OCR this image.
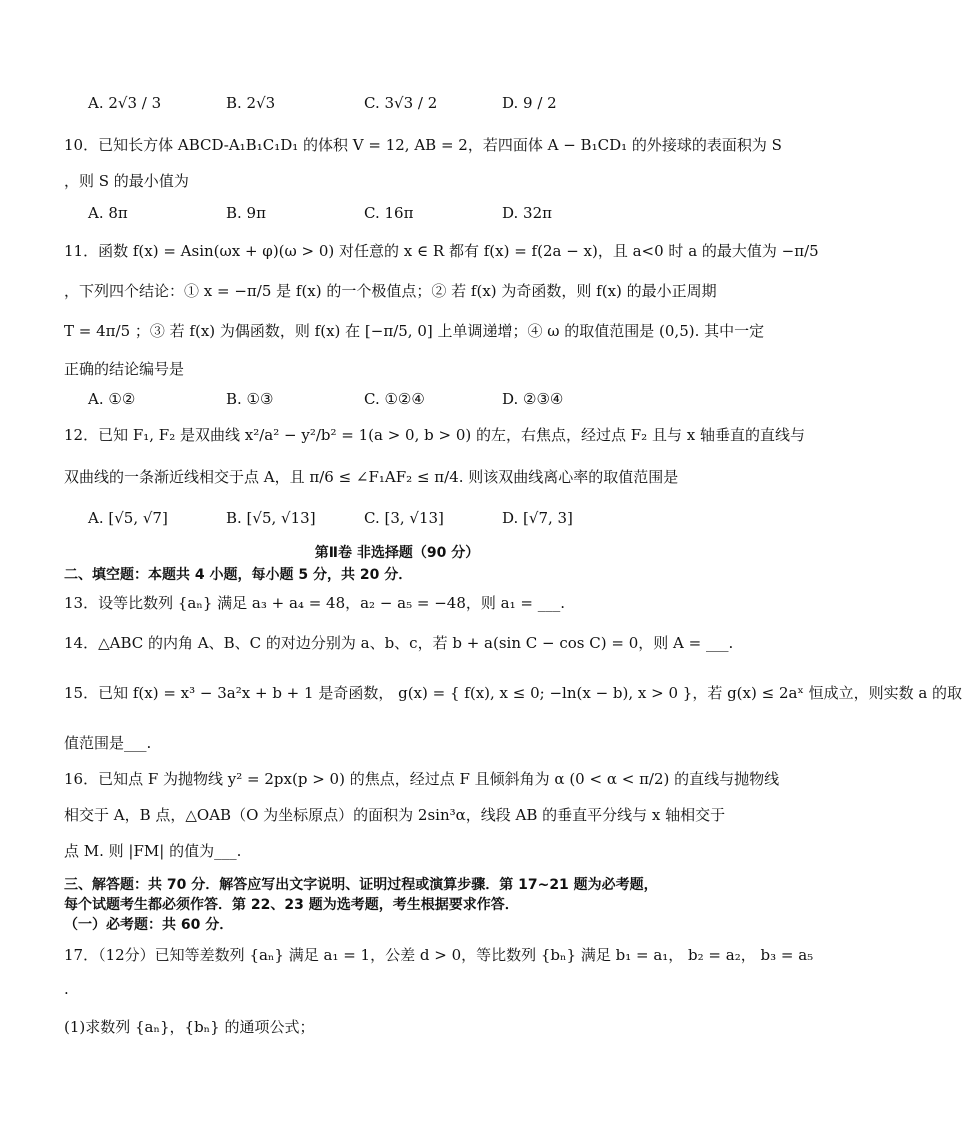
A. 2√3 / 3	B. 2√3	C. 3√3 / 2	D. 9 / 2
10．已知长方体 ABCD-A₁B₁C₁D₁ 的体积 V = 12, AB = 2，若四面体 A − B₁CD₁ 的外接球的表面积为 S
，则 S 的最小值为
A. 8π	B. 9π	C. 16π	D. 32π
11．函数 f(x) = Asin(ωx + φ)(ω > 0) 对任意的 x ∈ R 都有 f(x) = f(2a − x)，且 a<0 时 a 的最大值为 −π/5
，下列四个结论：① x = −π/5 是 f(x) 的一个极值点；② 若 f(x) 为奇函数，则 f(x) 的最小正周期
T = 4π/5 ；③ 若 f(x) 为偶函数，则 f(x) 在 [−π/5, 0] 上单调递增；④ ω 的取值范围是 (0,5). 其中一定
正确的结论编号是
A. ①②	B. ①③	C. ①②④	D. ②③④
12．已知 F₁, F₂ 是双曲线 x²/a² − y²/b² = 1(a > 0, b > 0) 的左，右焦点，经过点 F₂ 且与 x 轴垂直的直线与
双曲线的一条渐近线相交于点 A，且 π/6 ≤ ∠F₁AF₂ ≤ π/4. 则该双曲线离心率的取值范围是
A. [√5, √7]	B. [√5, √13]	C. [3, √13]	D. [√7, 3]
第Ⅱ卷 非选择题（90 分）
二、填空题：本题共 4 小题，每小题 5 分，共 20 分．
13．设等比数列 {aₙ} 满足 a₃ + a₄ = 48，a₂ − a₅ = −48，则 a₁ = ___.
14．△ABC 的内角 A、B、C 的对边分别为 a、b、c，若 b + a(sin C − cos C) = 0，则 A = ___.
15．已知 f(x) = x³ − 3a²x + b + 1 是奇函数， g(x) = { f(x), x ≤ 0; −ln(x − b), x > 0 }，若 g(x) ≤ 2aˣ 恒成立，则实数 a 的取
值范围是___.
16．已知点 F 为抛物线 y² = 2px(p > 0) 的焦点，经过点 F 且倾斜角为 α (0 < α < π/2) 的直线与抛物线
相交于 A，B 点，△OAB（O 为坐标原点）的面积为 2sin³α，线段 AB 的垂直平分线与 x 轴相交于
点 M. 则 |FM| 的值为___.
三、解答题：共 70 分．解答应写出文字说明、证明过程或演算步骤．第 17~21 题为必考题，
每个试题考生都必须作答．第 22、23 题为选考题，考生根据要求作答．
（一）必考题：共 60 分．
17．（12分）已知等差数列 {aₙ} 满足 a₁ = 1，公差 d > 0，等比数列 {bₙ} 满足 b₁ = a₁， b₂ = a₂， b₃ = a₅
.
(1)求数列 {aₙ}，{bₙ} 的通项公式；
